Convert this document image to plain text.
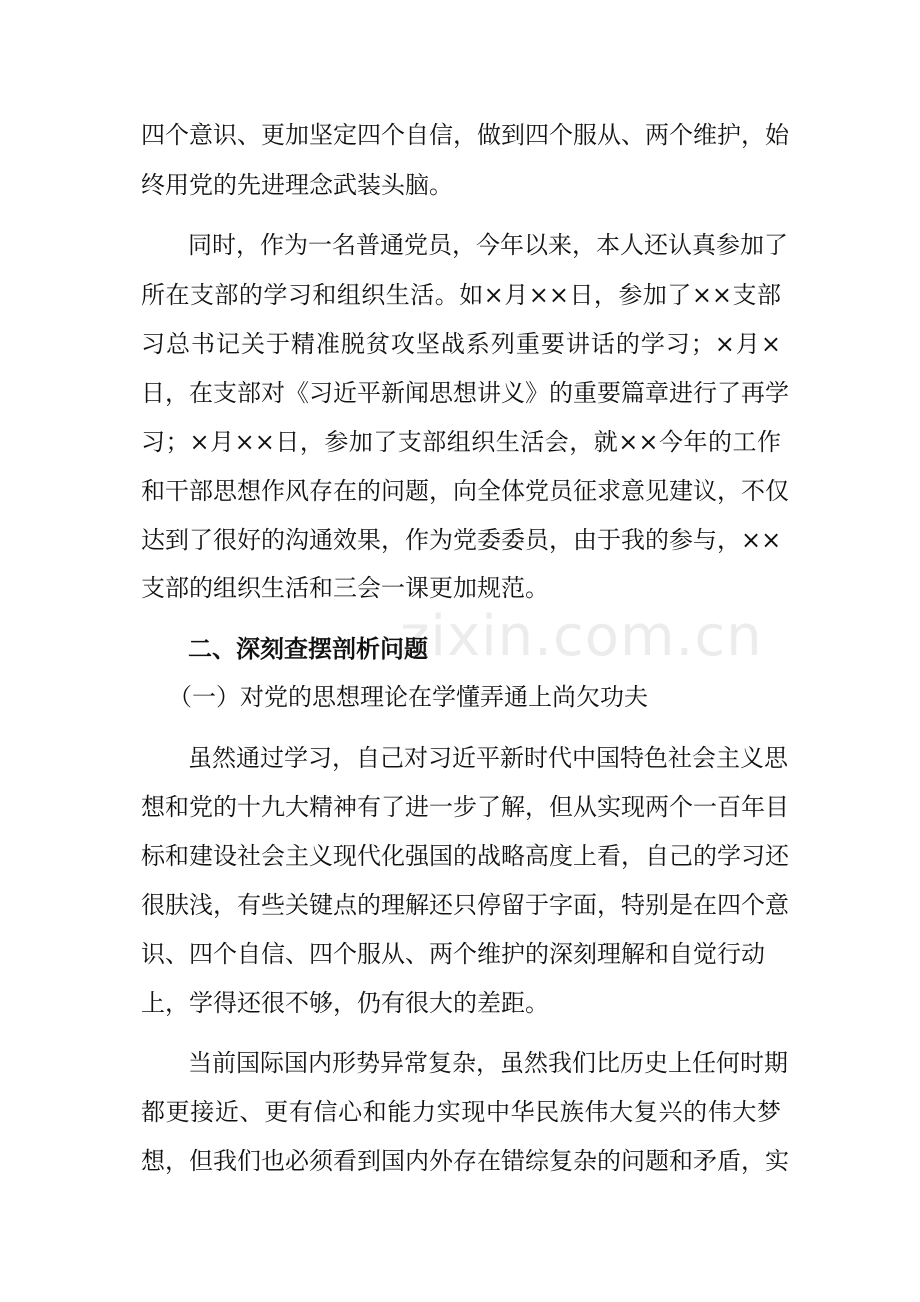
四个意识、更加坚定四个自信，做到四个服从、两个维护，始
终用党的先进理念武装头脑。
同时，作为一名普通党员，今年以来，本人还认真参加了
所在支部的学习和组织生活。如×月××日，参加了××支部
习总书记关于精准脱贫攻坚战系列重要讲话的学习；×月×
日，在支部对《习近平新闻思想讲义》的重要篇章进行了再学
习；×月××日，参加了支部组织生活会，就××今年的工作
和干部思想作风存在的问题，向全体党员征求意见建议，不仅
达到了很好的沟通效果，作为党委委员，由于我的参与，××
支部的组织生活和三会一课更加规范。
zixin.com.cn
二、深刻查摆剖析问题
（一）对党的思想理论在学懂弄通上尚欠功夫
虽然通过学习，自己对习近平新时代中国特色社会主义思
想和党的十九大精神有了进一步了解，但从实现两个一百年目
标和建设社会主义现代化强国的战略高度上看，自己的学习还
很肤浅，有些关键点的理解还只停留于字面，特别是在四个意
识、四个自信、四个服从、两个维护的深刻理解和自觉行动
上，学得还很不够，仍有很大的差距。
当前国际国内形势异常复杂，虽然我们比历史上任何时期
都更接近、更有信心和能力实现中华民族伟大复兴的伟大梦
想，但我们也必须看到国内外存在错综复杂的问题和矛盾，实
